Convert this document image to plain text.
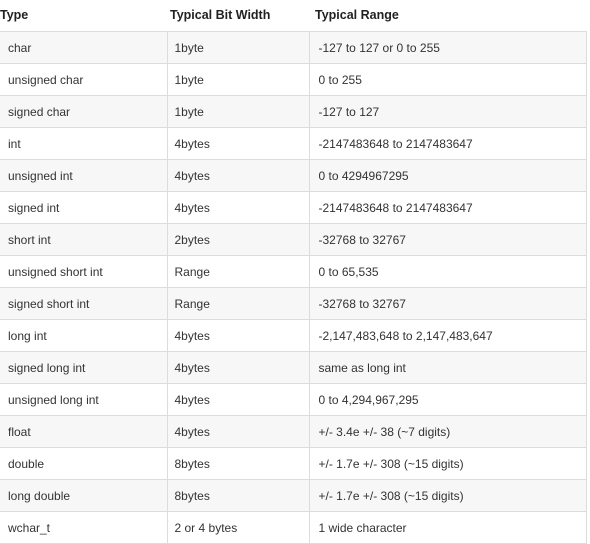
Type	Typical Bit Width	Typical Range
char	1byte	-127 to 127 or 0 to 255
unsigned char	1byte	0 to 255
signed char	1byte	-127 to 127
int	4bytes	-2147483648 to 2147483647
unsigned int	4bytes	0 to 4294967295
signed int	4bytes	-2147483648 to 2147483647
short int	2bytes	-32768 to 32767
unsigned short int	Range	0 to 65,535
signed short int	Range	-32768 to 32767
long int	4bytes	-2,147,483,648 to 2,147,483,647
signed long int	4bytes	same as long int
unsigned long int	4bytes	0 to 4,294,967,295
float	4bytes	+/- 3.4e +/- 38 (~7 digits)
double	8bytes	+/- 1.7e +/- 308 (~15 digits)
long double	8bytes	+/- 1.7e +/- 308 (~15 digits)
wchar_t	2 or 4 bytes	1 wide character
